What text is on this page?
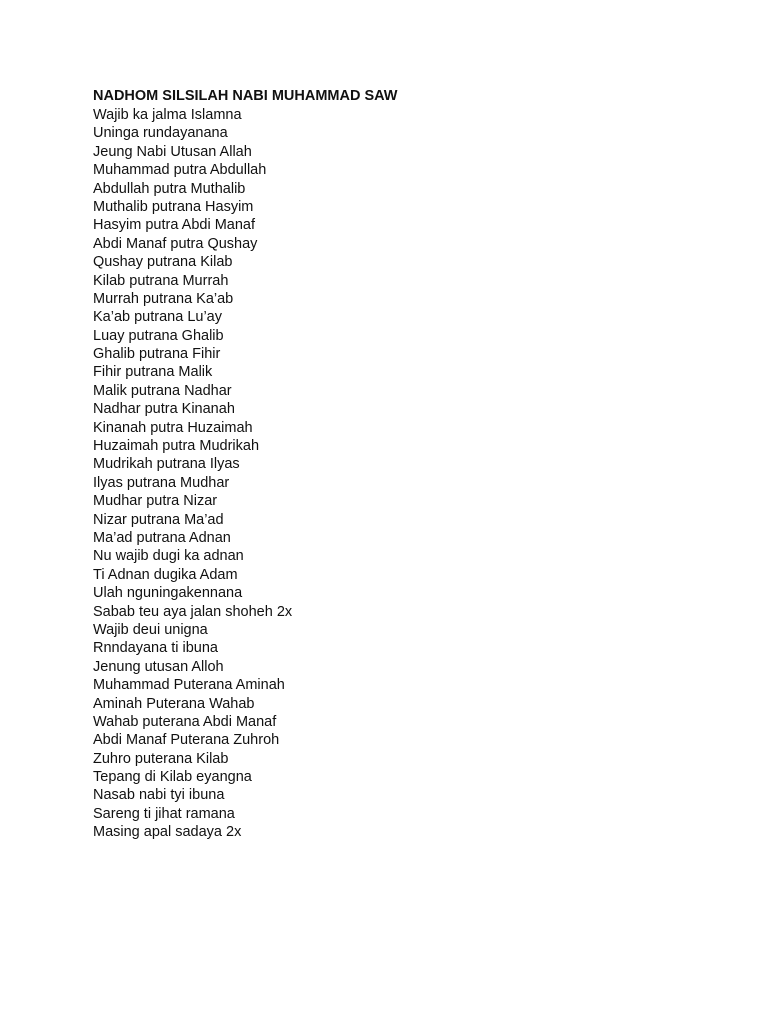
NADHOM SILSILAH NABI MUHAMMAD SAW
Wajib ka jalma Islamna
Uninga rundayanana
Jeung Nabi Utusan Allah
Muhammad putra Abdullah
Abdullah putra Muthalib
Muthalib putrana Hasyim
Hasyim putra Abdi Manaf
Abdi Manaf putra Qushay
Qushay putrana Kilab
Kilab putrana Murrah
Murrah putrana Ka’ab
Ka’ab putrana Lu’ay
Luay putrana Ghalib
Ghalib putrana Fihir
Fihir putrana Malik
Malik putrana Nadhar
Nadhar putra Kinanah
Kinanah putra Huzaimah
Huzaimah putra Mudrikah
Mudrikah putrana Ilyas
Ilyas putrana Mudhar
Mudhar putra Nizar
Nizar putrana Ma’ad
Ma’ad putrana Adnan
Nu wajib dugi ka adnan
Ti Adnan dugika Adam
Ulah nguningakennana
Sabab teu aya jalan shoheh 2x
Wajib deui unigna
Rnndayana ti ibuna
Jenung utusan Alloh
Muhammad Puterana Aminah
Aminah Puterana Wahab
Wahab puterana Abdi Manaf
Abdi Manaf Puterana Zuhroh
Zuhro puterana Kilab
Tepang di Kilab eyangna
Nasab nabi tyi ibuna
Sareng ti jihat ramana
Masing apal sadaya 2x
